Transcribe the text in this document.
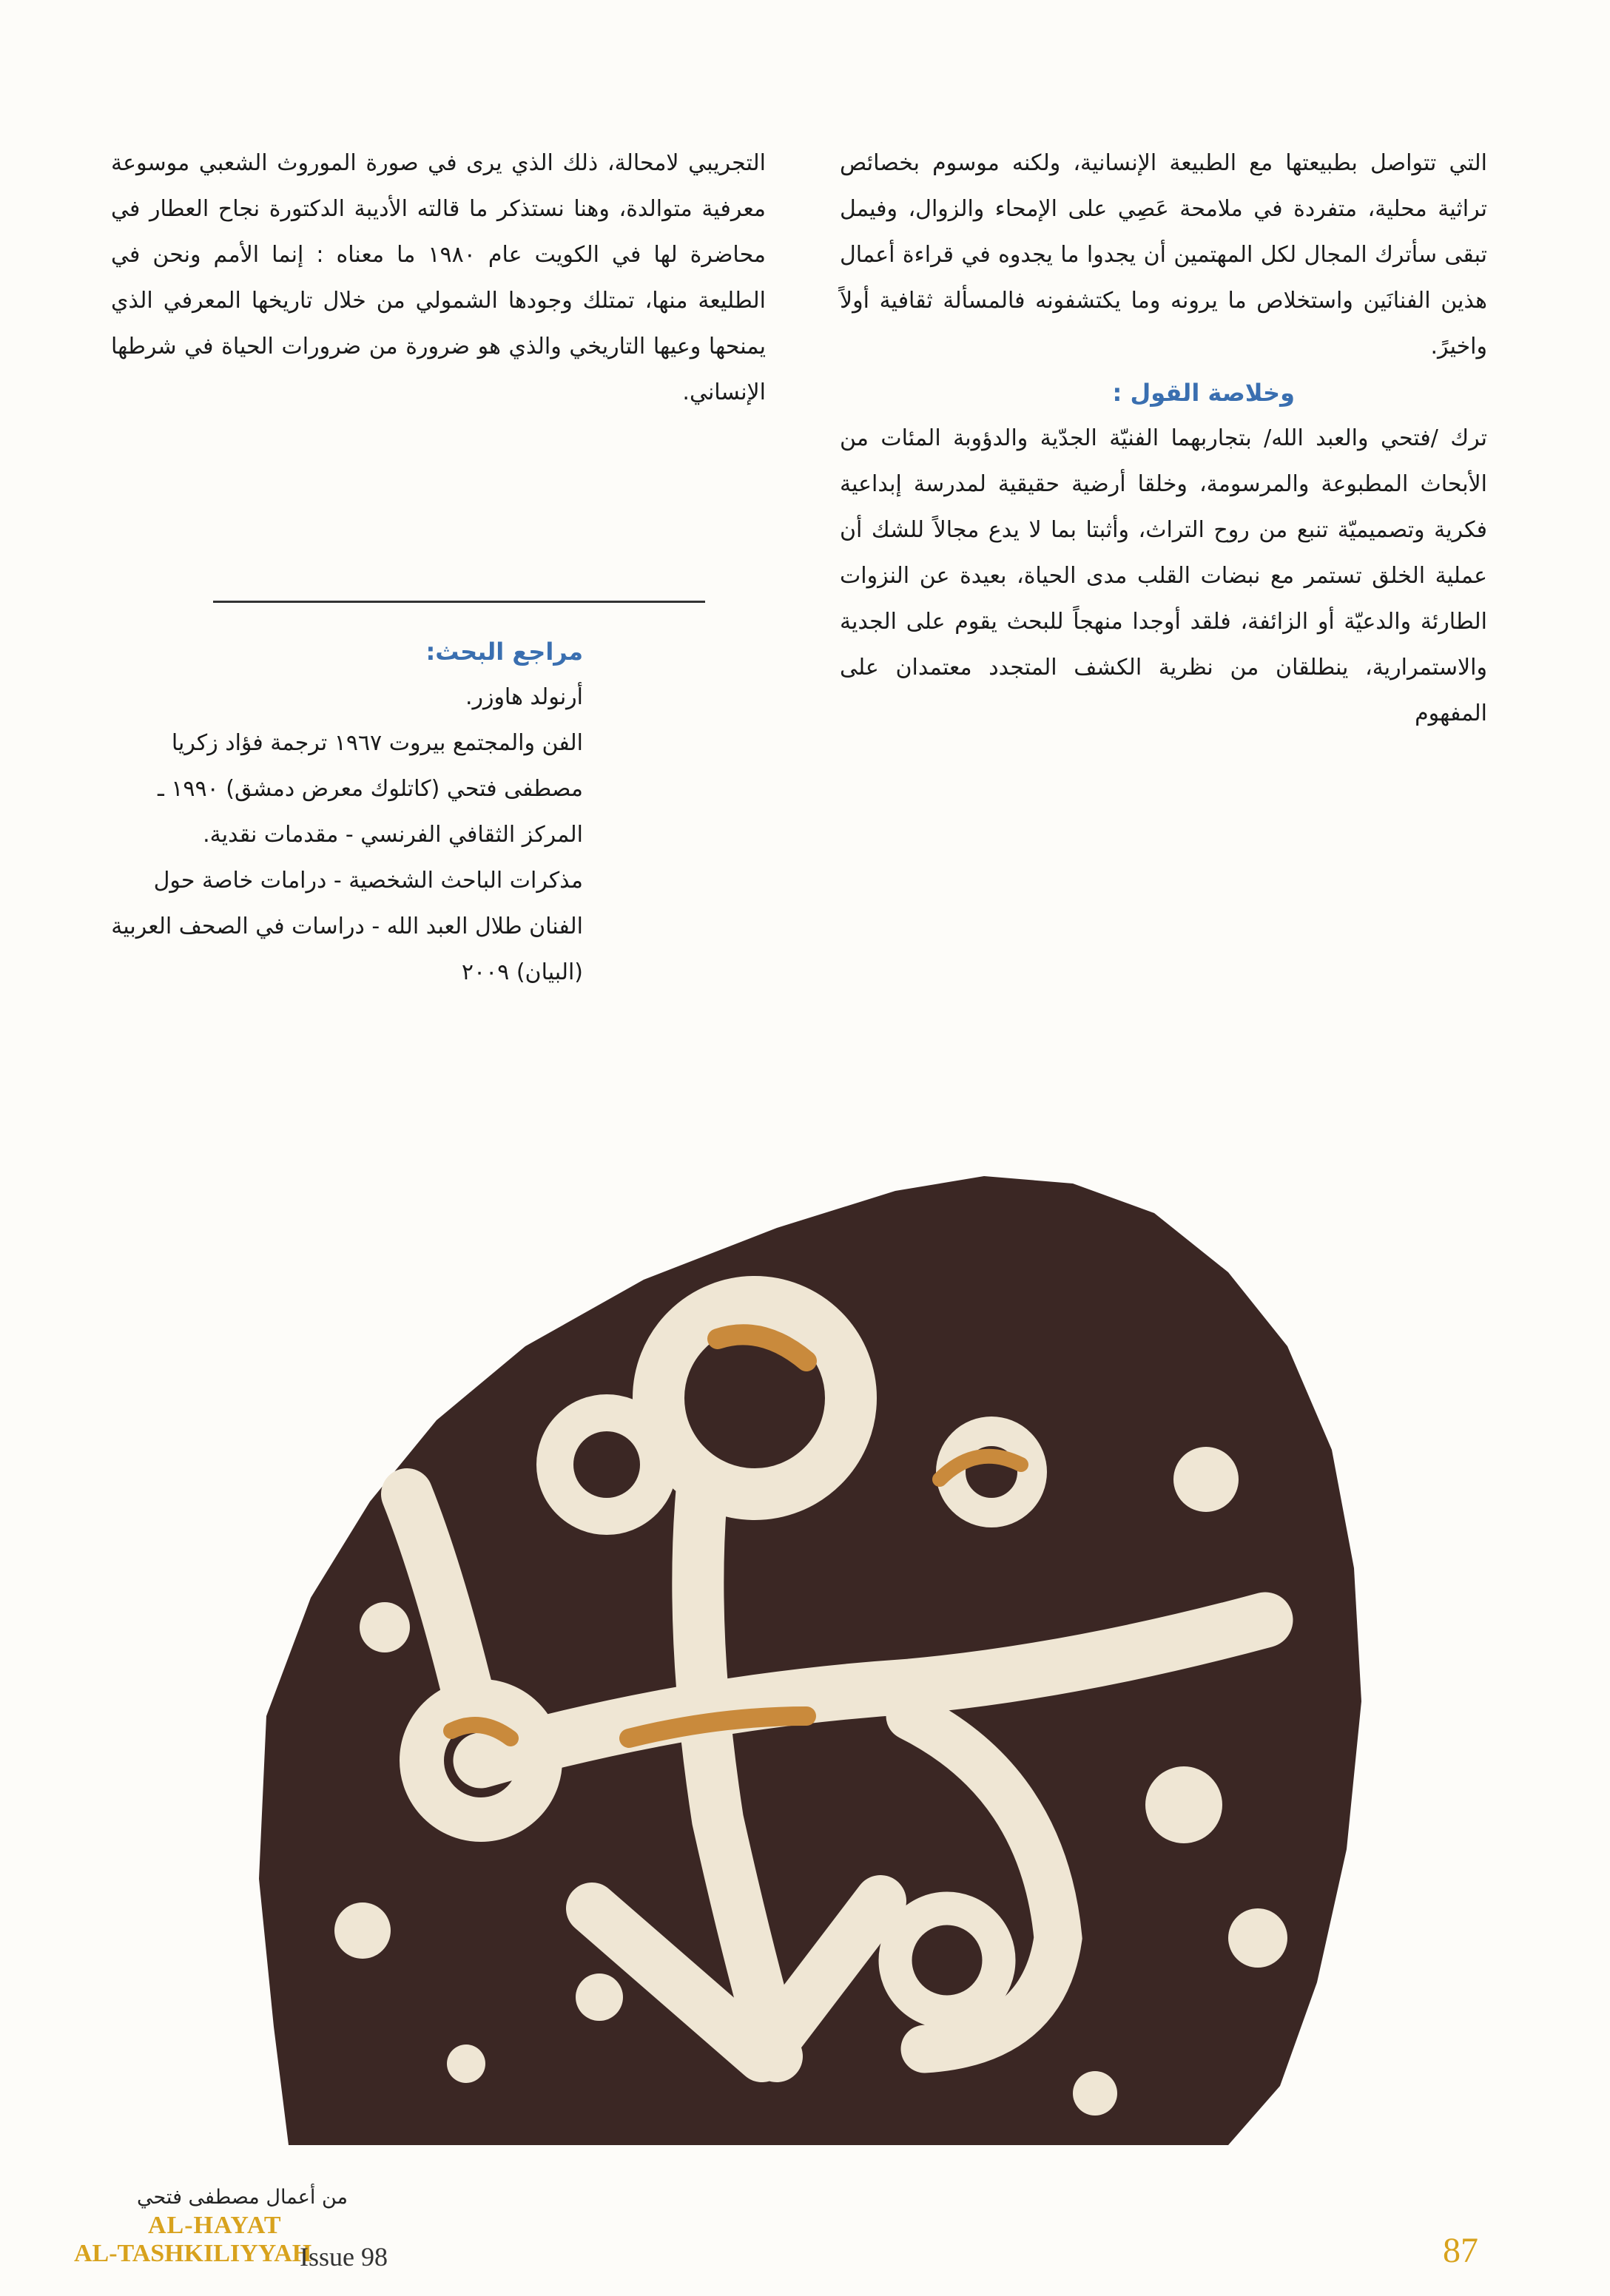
التي تتواصل بطبيعتها مع الطبيعة الإنسانية، ولكنه موسوم بخصائص تراثية محلية، متفردة في ملامحة عَصِي على الإمحاء والزوال، وفيمل تبقى سأترك المجال لكل المهتمين أن يجدوا ما يجدوه في قراءة أعمال هذين الفنانَين واستخلاص ما يرونه وما يكتشفونه فالمسألة ثقافية أولاً واخيرً.

وخلاصة القول :

ترك /فتحي والعبد الله/ بتجاربهما الفنيّة الجدّية والدؤوبة المئات من الأبحاث المطبوعة والمرسومة، وخلقا أرضية حقيقية لمدرسة إبداعية فكرية وتصميميّة تنبع من روح التراث، وأثبتا بما لا يدع مجالاً للشك أن عملية الخلق تستمر مع نبضات القلب مدى الحياة، بعيدة عن النزوات الطارئة والدعيّة أو الزائفة، فلقد أوجدا منهجاً للبحث يقوم على الجدية والاستمرارية، ينطلقان من نظرية الكشف المتجدد معتمدان على المفهوم

التجريبي لامحالة، ذلك الذي يرى في صورة الموروث الشعبي موسوعة معرفية متوالدة، وهنا نستذكر ما قالته الأديبة الدكتورة نجاح العطار في محاضرة لها في الكويت عام ١٩٨٠ ما معناه : إنما الأمم ونحن في الطليعة منها، تمتلك وجودها الشمولي من خلال تاريخها المعرفي الذي يمنحها وعيها التاريخي والذي هو ضرورة من ضرورات الحياة في شرطها الإنساني.

مراجع البحث:

أرنولد هاوزر.

الفن والمجتمع بيروت ١٩٦٧ ترجمة فؤاد زكريا

مصطفى فتحي (كاتلوك معرض دمشق) ١٩٩٠ ـ المركز الثقافي الفرنسي - مقدمات نقدية.

مذكرات الباحث الشخصية - درامات خاصة حول الفنان طلال العبد الله - دراسات في الصحف العربية (البيان) ٢٠٠٩

من أعمال مصطفى فتحي
AL-HAYAT
AL-TASHKILIYYAH
Issue 98	87
